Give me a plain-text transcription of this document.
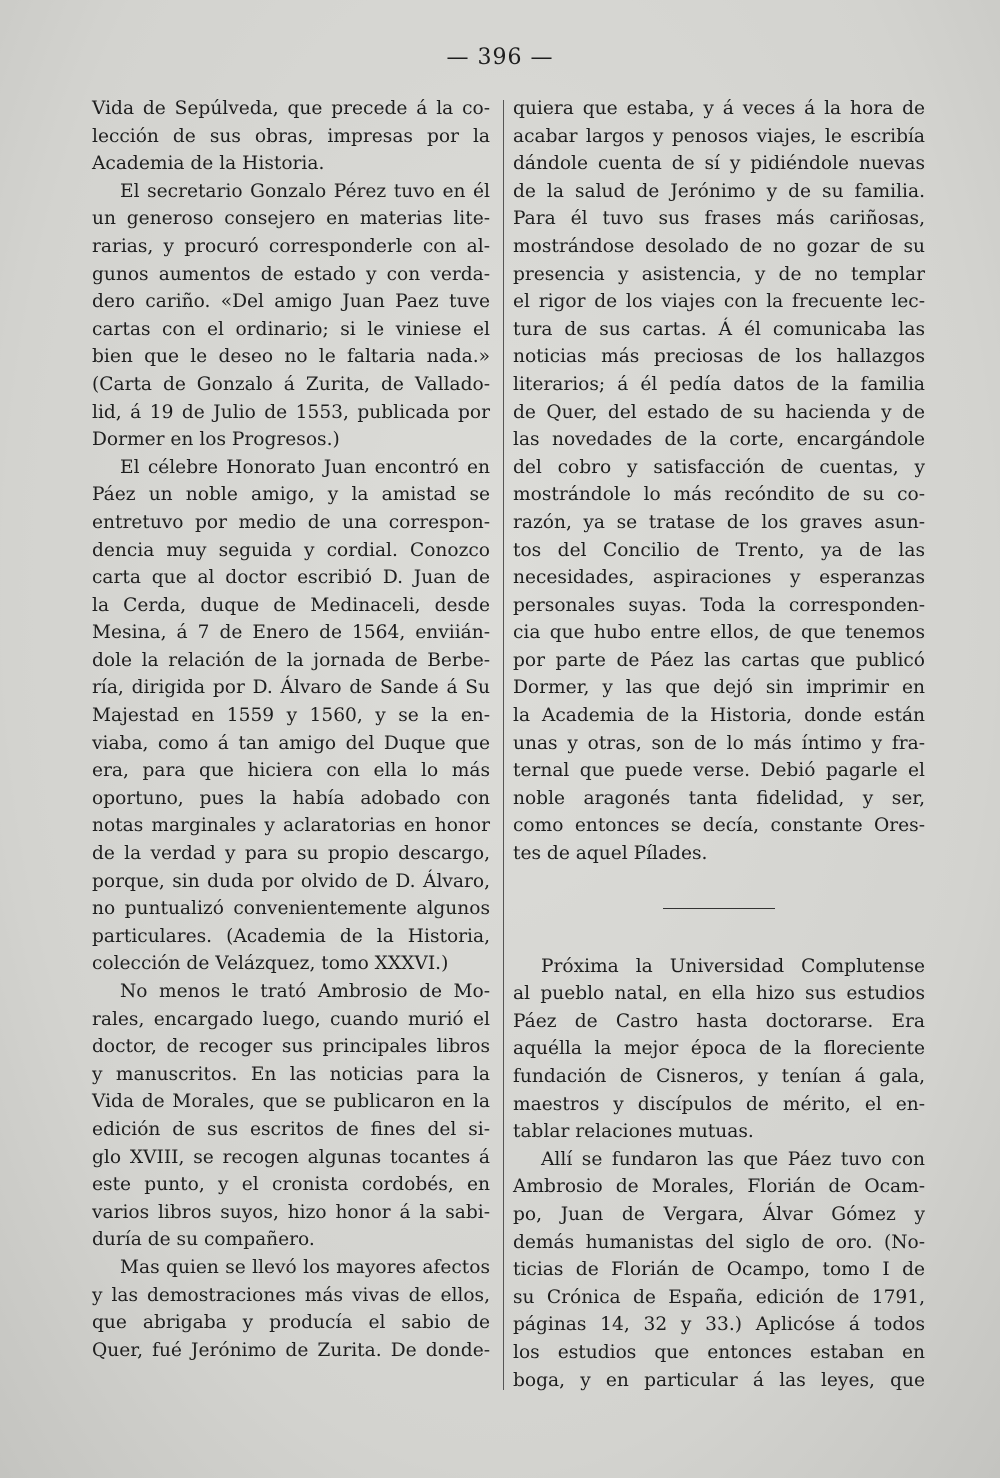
— 396 —
Vida de Sepúlveda, que precede á la co-
lección de sus obras, impresas por la
Academia de la Historia.
El secretario Gonzalo Pérez tuvo en él
un generoso consejero en materias lite-
rarias, y procuró corresponderle con al-
gunos aumentos de estado y con verda-
dero cariño. «Del amigo Juan Paez tuve
cartas con el ordinario; si le viniese el
bien que le deseo no le faltaria nada.»
(Carta de Gonzalo á Zurita, de Vallado-
lid, á 19 de Julio de 1553, publicada por
Dormer en los Progresos.)
El célebre Honorato Juan encontró en
Páez un noble amigo, y la amistad se
entretuvo por medio de una correspon-
dencia muy seguida y cordial. Conozco
carta que al doctor escribió D. Juan de
la Cerda, duque de Medinaceli, desde
Mesina, á 7 de Enero de 1564, enviián-
dole la relación de la jornada de Berbe-
ría, dirigida por D. Álvaro de Sande á Su
Majestad en 1559 y 1560, y se la en-
viaba, como á tan amigo del Duque que
era, para que hiciera con ella lo más
oportuno, pues la había adobado con
notas marginales y aclaratorias en honor
de la verdad y para su propio descargo,
porque, sin duda por olvido de D. Álvaro,
no puntualizó convenientemente algunos
particulares. (Academia de la Historia,
colección de Velázquez, tomo XXXVI.)
No menos le trató Ambrosio de Mo-
rales, encargado luego, cuando murió el
doctor, de recoger sus principales libros
y manuscritos. En las noticias para la
Vida de Morales, que se publicaron en la
edición de sus escritos de fines del si-
glo XVIII, se recogen algunas tocantes á
este punto, y el cronista cordobés, en
varios libros suyos, hizo honor á la sabi-
duría de su compañero.
Mas quien se llevó los mayores afectos
y las demostraciones más vivas de ellos,
que abrigaba y producía el sabio de
Quer, fué Jerónimo de Zurita. De donde-
quiera que estaba, y á veces á la hora de
acabar largos y penosos viajes, le escribía
dándole cuenta de sí y pidiéndole nuevas
de la salud de Jerónimo y de su familia.
Para él tuvo sus frases más cariñosas,
mostrándose desolado de no gozar de su
presencia y asistencia, y de no templar
el rigor de los viajes con la frecuente lec-
tura de sus cartas. Á él comunicaba las
noticias más preciosas de los hallazgos
literarios; á él pedía datos de la familia
de Quer, del estado de su hacienda y de
las novedades de la corte, encargándole
del cobro y satisfacción de cuentas, y
mostrándole lo más recóndito de su co-
razón, ya se tratase de los graves asun-
tos del Concilio de Trento, ya de las
necesidades, aspiraciones y esperanzas
personales suyas. Toda la corresponden-
cia que hubo entre ellos, de que tenemos
por parte de Páez las cartas que publicó
Dormer, y las que dejó sin imprimir en
la Academia de la Historia, donde están
unas y otras, son de lo más íntimo y fra-
ternal que puede verse. Debió pagarle el
noble aragonés tanta fidelidad, y ser,
como entonces se decía, constante Ores-
tes de aquel Pílades.
Próxima la Universidad Complutense
al pueblo natal, en ella hizo sus estudios
Páez de Castro hasta doctorarse. Era
aquélla la mejor época de la floreciente
fundación de Cisneros, y tenían á gala,
maestros y discípulos de mérito, el en-
tablar relaciones mutuas.
Allí se fundaron las que Páez tuvo con
Ambrosio de Morales, Florián de Ocam-
po, Juan de Vergara, Álvar Gómez y
demás humanistas del siglo de oro. (No-
ticias de Florián de Ocampo, tomo I de
su Crónica de España, edición de 1791,
páginas 14, 32 y 33.) Aplicóse á todos
los estudios que entonces estaban en
boga, y en particular á las leyes, que
